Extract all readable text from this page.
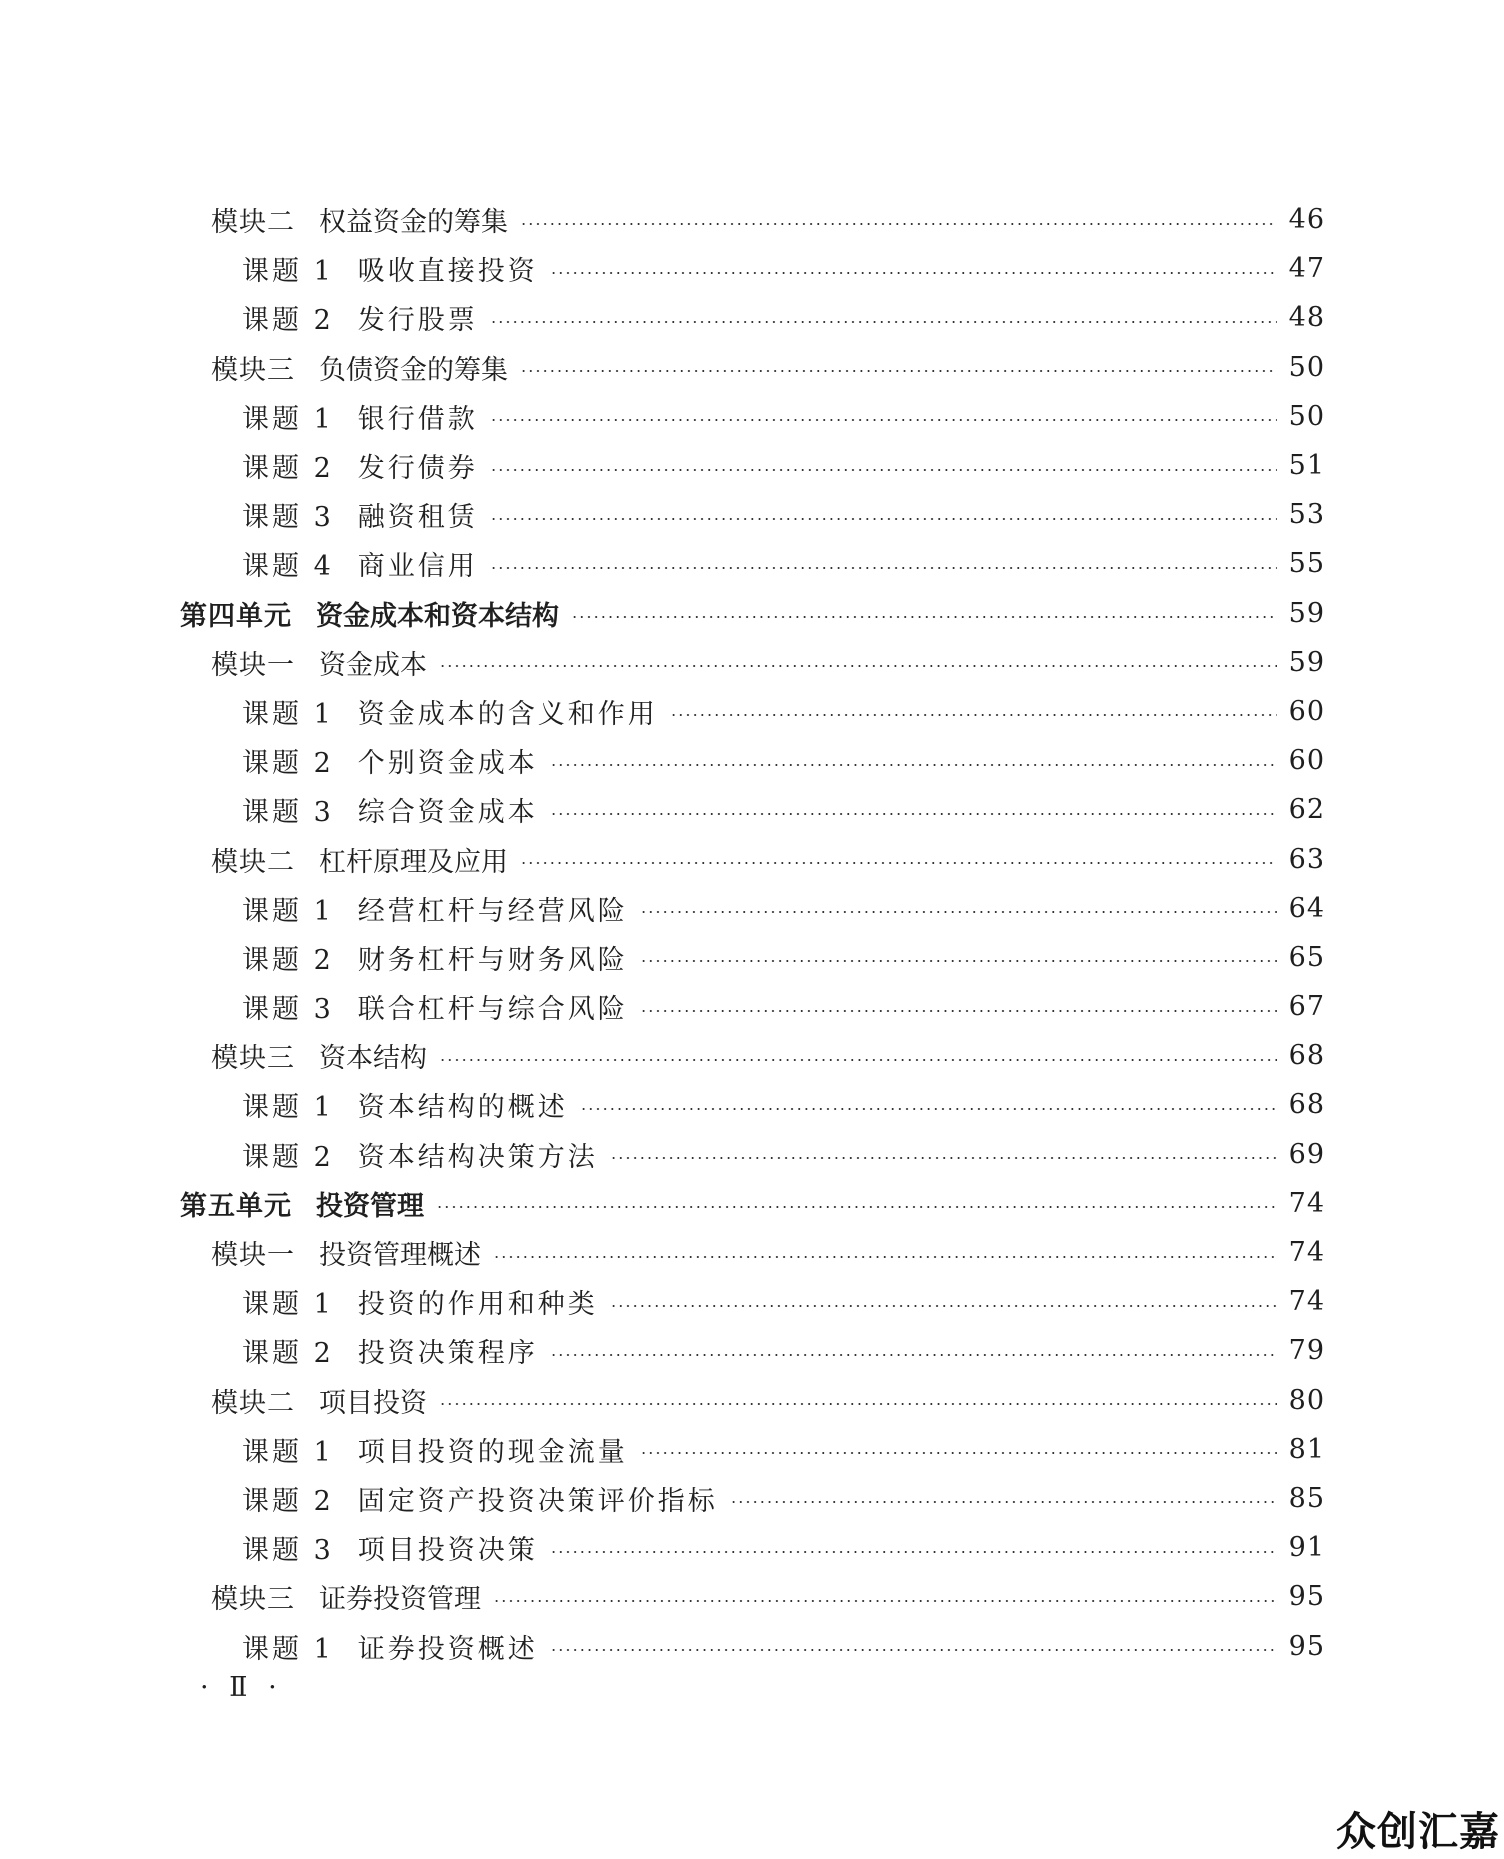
模块二 权益资金的筹集	46
课题 1 吸收直接投资	47
课题 2 发行股票	48
模块三 负债资金的筹集	50
课题 1 银行借款	50
课题 2 发行债券	51
课题 3 融资租赁	53
课题 4 商业信用	55
第四单元 资金成本和资本结构	59
模块一 资金成本	59
课题 1 资金成本的含义和作用	60
课题 2 个别资金成本	60
课题 3 综合资金成本	62
模块二 杠杆原理及应用	63
课题 1 经营杠杆与经营风险	64
课题 2 财务杠杆与财务风险	65
课题 3 联合杠杆与综合风险	67
模块三 资本结构	68
课题 1 资本结构的概述	68
课题 2 资本结构决策方法	69
第五单元 投资管理	74
模块一 投资管理概述	74
课题 1 投资的作用和种类	74
课题 2 投资决策程序	79
模块二 项目投资	80
课题 1 项目投资的现金流量	81
课题 2 固定资产投资决策评价指标	85
课题 3 项目投资决策	91
模块三 证券投资管理	95
课题 1 证券投资概述	95
· Ⅱ ·
众创汇嘉
